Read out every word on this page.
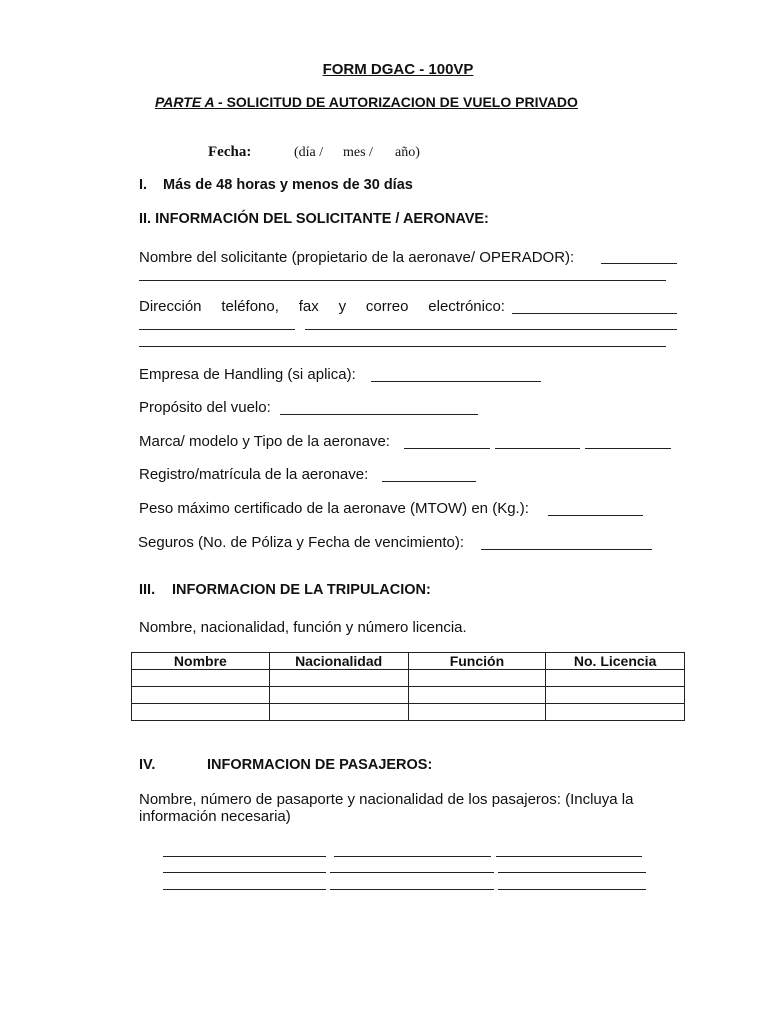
FORM DGAC - 100VP
PARTE A - SOLICITUD DE AUTORIZACION DE VUELO PRIVADO
Fecha:	(día / mes / año)
I. Más de 48 horas y menos de 30 días
II. INFORMACIÓN DEL SOLICITANTE / AERONAVE:
Nombre del solicitante (propietario de la aeronave/ OPERADOR):
Dirección teléfono, fax y correo electrónico:
Empresa de Handling (si aplica):
Propósito del vuelo:
Marca/ modelo y Tipo de la aeronave:
Registro/matrícula de la aeronave:
Peso máximo certificado de la aeronave (MTOW) en (Kg.):
Seguros (No. de Póliza y Fecha de vencimiento):
III. INFORMACION DE LA TRIPULACION:
Nombre, nacionalidad, función y número licencia.
Nombre	Nacionalidad	Función	No. Licencia

IV.	INFORMACION DE PASAJEROS:
Nombre, número de pasaporte y nacionalidad de los pasajeros: (Incluya la
información necesaria)
